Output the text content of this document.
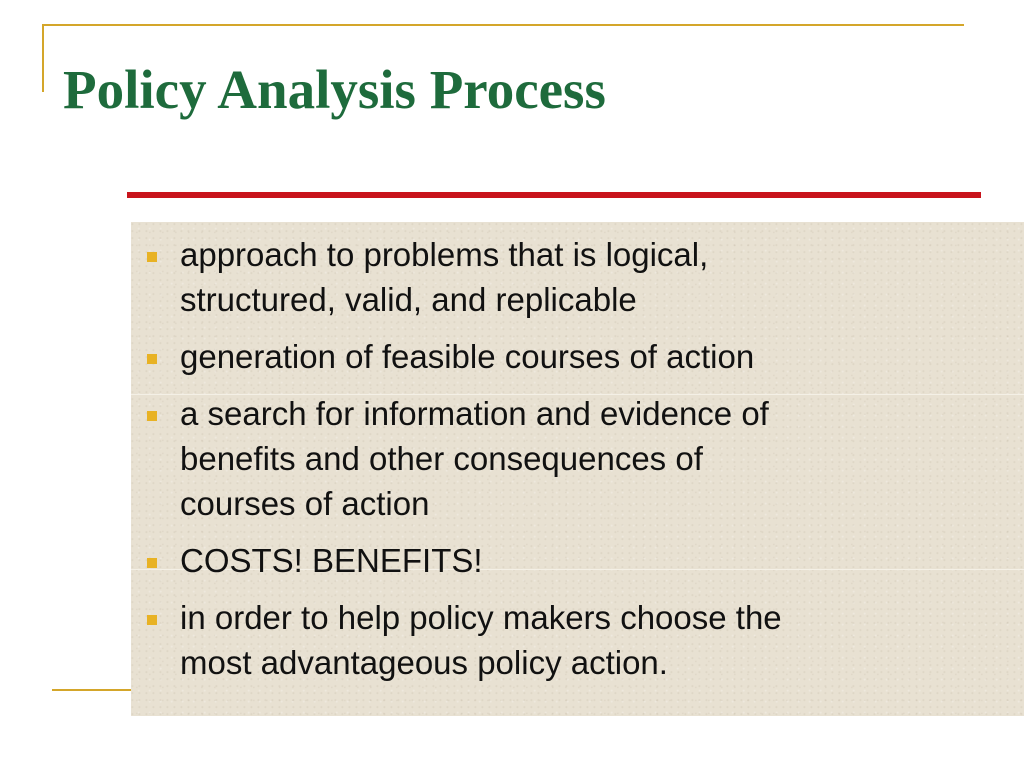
Policy Analysis Process
approach to problems that is logical,
structured, valid, and replicable
generation of feasible courses of action
a search for information and evidence of
benefits and other consequences of
courses of action
COSTS! BENEFITS!
in order to help policy makers choose the
most advantageous policy action.
